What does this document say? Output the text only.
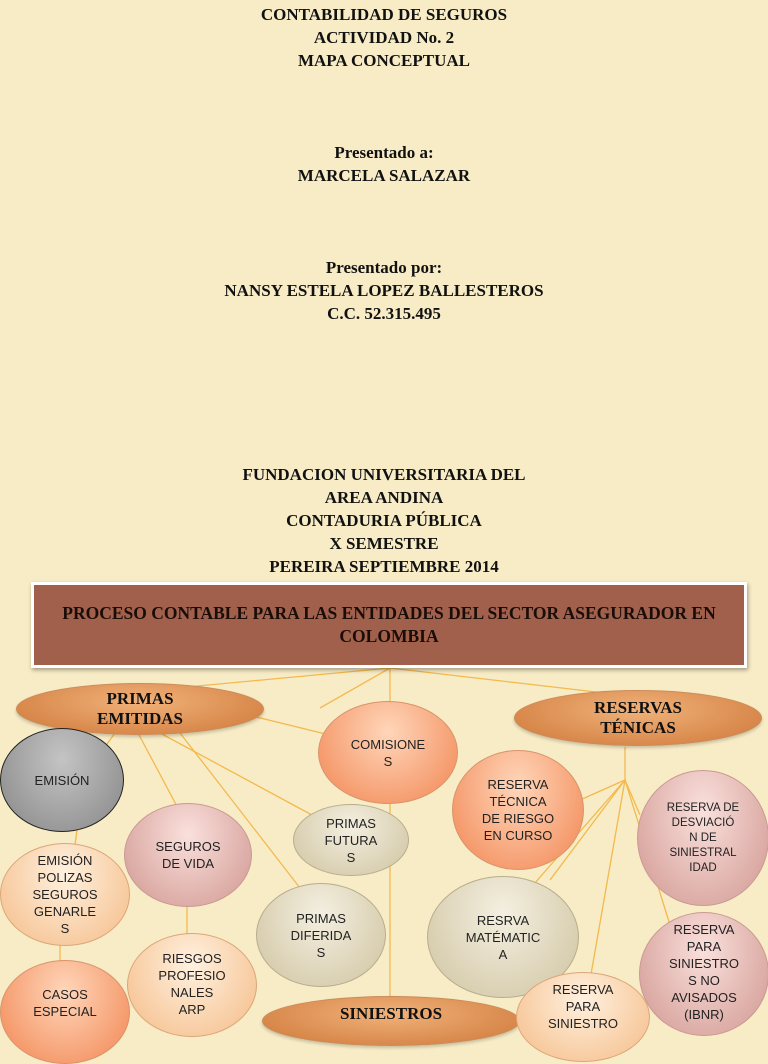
CONTABILIDAD DE SEGUROS
ACTIVIDAD No. 2
MAPA CONCEPTUAL
Presentado a:
MARCELA SALAZAR
Presentado por:
NANSY ESTELA LOPEZ BALLESTEROS
C.C. 52.315.495
FUNDACION UNIVERSITARIA DEL
AREA ANDINA
CONTADURIA PÚBLICA
X SEMESTRE
PEREIRA SEPTIEMBRE 2014
PROCESO CONTABLE PARA LAS ENTIDADES DEL SECTOR ASEGURADOR EN COLOMBIA
PRIMAS
EMITIDAS
RESERVAS
TÉNICAS
SINIESTROS
COMISIONE
S
EMISIÓN
PRIMAS
FUTURA
S
SEGUROS
DE VIDA
EMISIÓN
POLIZAS
SEGUROS
GENARLE
S
PRIMAS
DIFERIDA
S
RIESGOS
PROFESIO
NALES
ARP
CASOS
ESPECIAL
RESERVA
TÉCNICA
DE RIESGO
EN CURSO
RESERVA DE
DESVIACIÓ
N DE
SINIESTRAL
IDAD
RESRVA
MATÉMATIC
A
RESERVA
PARA
SINIESTRO
S NO
AVISADOS
(IBNR)
RESERVA
PARA
SINIESTRO
